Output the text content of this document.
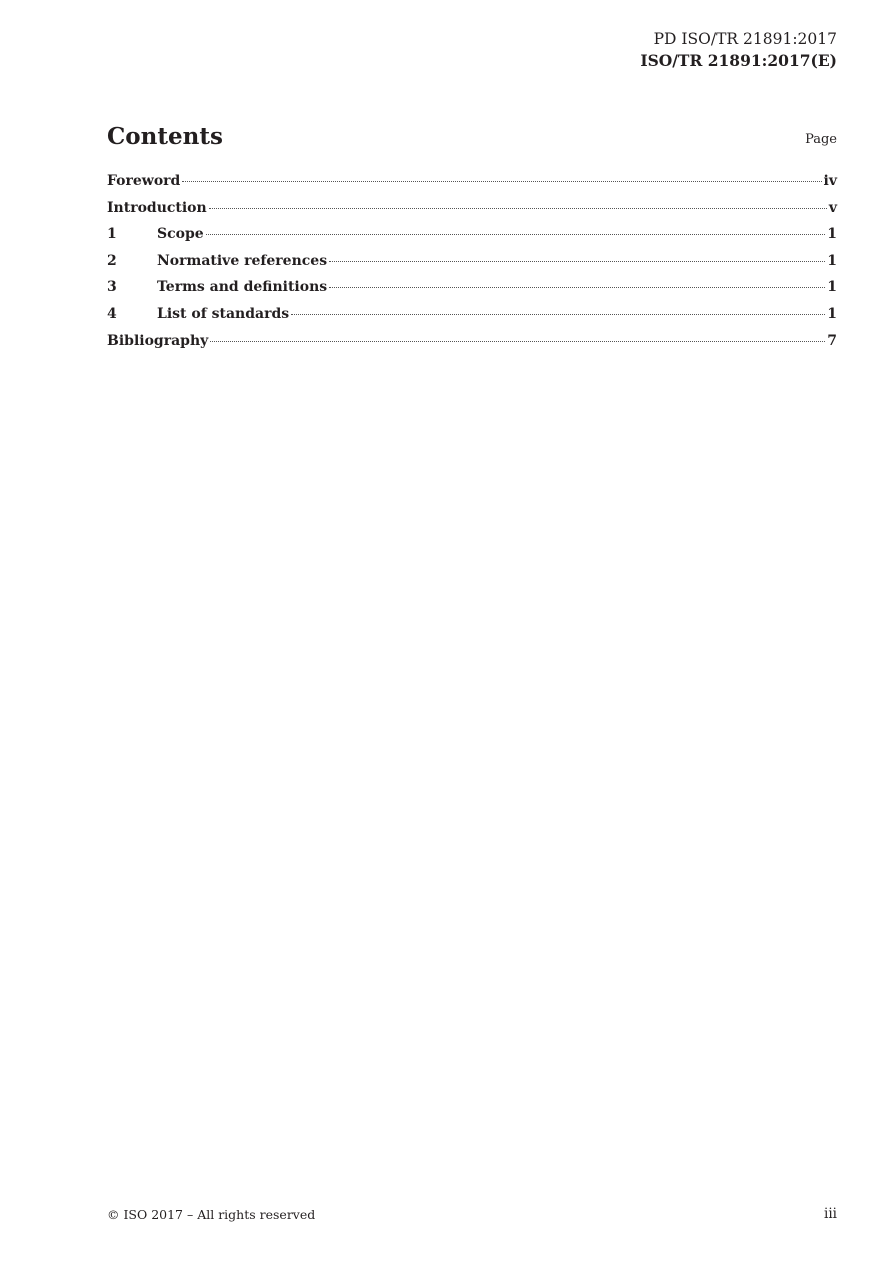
PD ISO/TR 21891:2017
ISO/TR 21891:2017(E)
Contents	Page
Foreword	iv
Introduction	v
1	Scope	1
2	Normative references	1
3	Terms and definitions	1
4	List of standards	1
Bibliography	7
© ISO 2017 – All rights reserved	iii
